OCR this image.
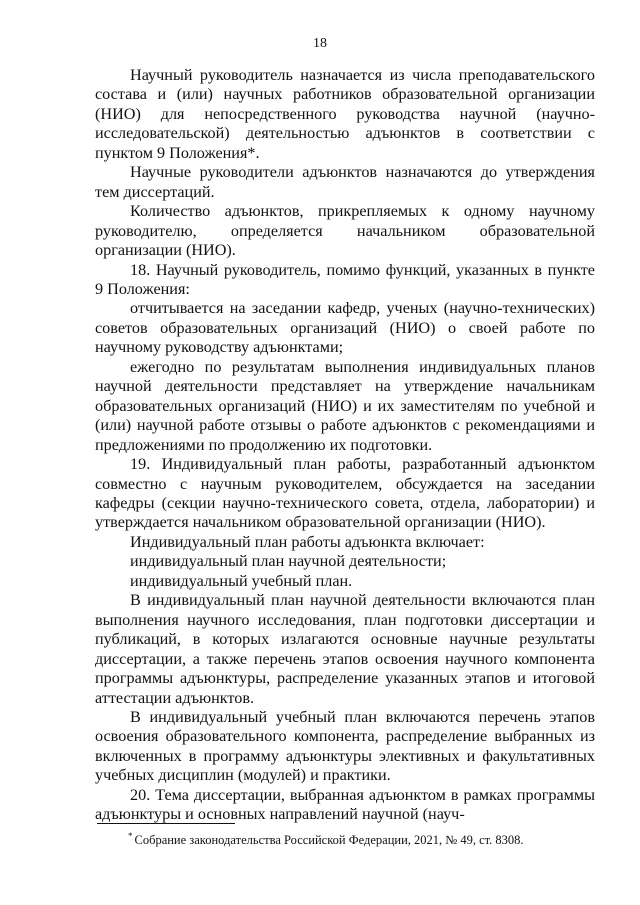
18

Научный руководитель назначается из числа преподавательского состава и (или) научных работников образовательной организации (НИО) для непосредственного руководства научной (научно-исследовательской) деятельностью адъюнктов в соответствии с пунктом 9 Положения*.

Научные руководители адъюнктов назначаются до утверждения тем диссертаций.

Количество адъюнктов, прикрепляемых к одному научному руководителю, определяется начальником образовательной организации (НИО).

18. Научный руководитель, помимо функций, указанных в пункте 9 Положения:

отчитывается на заседании кафедр, ученых (научно-технических) советов образовательных организаций (НИО) о своей работе по научному руководству адъюнктами;

ежегодно по результатам выполнения индивидуальных планов научной деятельности представляет на утверждение начальникам образовательных организаций (НИО) и их заместителям по учебной и (или) научной работе отзывы о работе адъюнктов с рекомендациями и предложениями по продолжению их подготовки.

19. Индивидуальный план работы, разработанный адъюнктом совместно с научным руководителем, обсуждается на заседании кафедры (секции научно-технического совета, отдела, лаборатории) и утверждается начальником образовательной организации (НИО).

Индивидуальный план работы адъюнкта включает:

индивидуальный план научной деятельности;

индивидуальный учебный план.

В индивидуальный план научной деятельности включаются план выполнения научного исследования, план подготовки диссертации и публикаций, в которых излагаются основные научные результаты диссертации, а также перечень этапов освоения научного компонента программы адъюнктуры, распределение указанных этапов и итоговой аттестации адъюнктов.

В индивидуальный учебный план включаются перечень этапов освоения образовательного компонента, распределение выбранных из включенных в программу адъюнктуры элективных и факультативных учебных дисциплин (модулей) и практики.

20. Тема диссертации, выбранная адъюнктом в рамках программы адъюнктуры и основных направлений научной (науч-

* Собрание законодательства Российской Федерации, 2021, № 49, ст. 8308.
